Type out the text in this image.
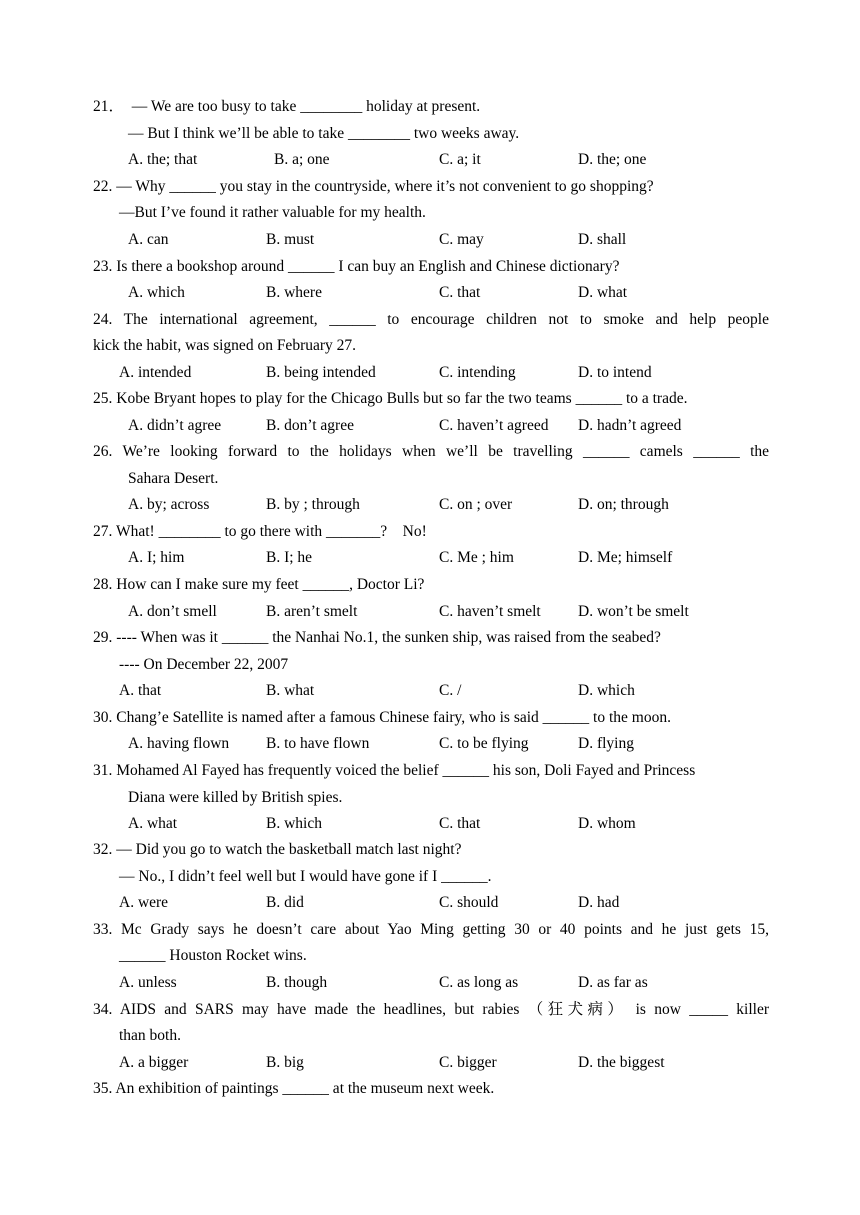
21．  — We are too busy to take ________ holiday at present.
— But I think we’ll be able to take ________ two weeks away.
A. the; that	B. a; one	C. a; it	D. the; one
22. ― Why ______ you stay in the countryside, where it’s not convenient to go shopping?
―But I’ve found it rather valuable for my health.
A. can	B. must	C. may	D. shall
23. Is there a bookshop around ______ I can buy an English and Chinese dictionary?
A. which	B. where	C. that	D. what
24. The international agreement, ______ to encourage children not to smoke and help people
kick the habit, was signed on February 27.
A. intended	B. being intended	C. intending	D. to intend
25. Kobe Bryant hopes to play for the Chicago Bulls but so far the two teams ______ to a trade.
A. didn’t agree	B. don’t agree	C. haven’t agreed D. hadn’t agreed
26. We’re looking forward to the holidays when we’ll be travelling ______ camels ______ the
Sahara Desert.
A. by; across	B. by ; through	C. on ; over	D. on; through
27. What! ________ to go there with _______?    No!
A. I; him	B. I; he	C. Me ; him	D. Me; himself
28. How can I make sure my feet ______, Doctor Li?
A. don’t smell	B. aren’t smelt	C. haven’t smelt D. won’t be smelt
29. ---- When was it ______ the Nanhai No.1, the sunken ship, was raised from the seabed?
---- On December 22, 2007
A. that	B. what	C. /	D. which
30. Chang’e Satellite is named after a famous Chinese fairy, who is said ______ to the moon.
A. having flown B. to have flown	C. to be flying	D. flying
31. Mohamed Al Fayed has frequently voiced the belief ______ his son, Doli Fayed and Princess
Diana were killed by British spies.
A. what	B. which	C. that	D. whom
32. ― Did you go to watch the basketball match last night?
― No., I didn’t feel well but I would have gone if I ______.
A. were	B. did	C. should	D. had
33. Mc Grady says he doesn’t care about Yao Ming getting 30 or 40 points and he just gets 15,
______ Houston Rocket wins.
A. unless	B. though	C. as long as	D. as far as
34. AIDS and SARS may have made the headlines, but rabies （狂犬病） is now _____ killer
than both.
A. a bigger	B. big	C. bigger	D. the biggest
35. An exhibition of paintings ______ at the museum next week.
